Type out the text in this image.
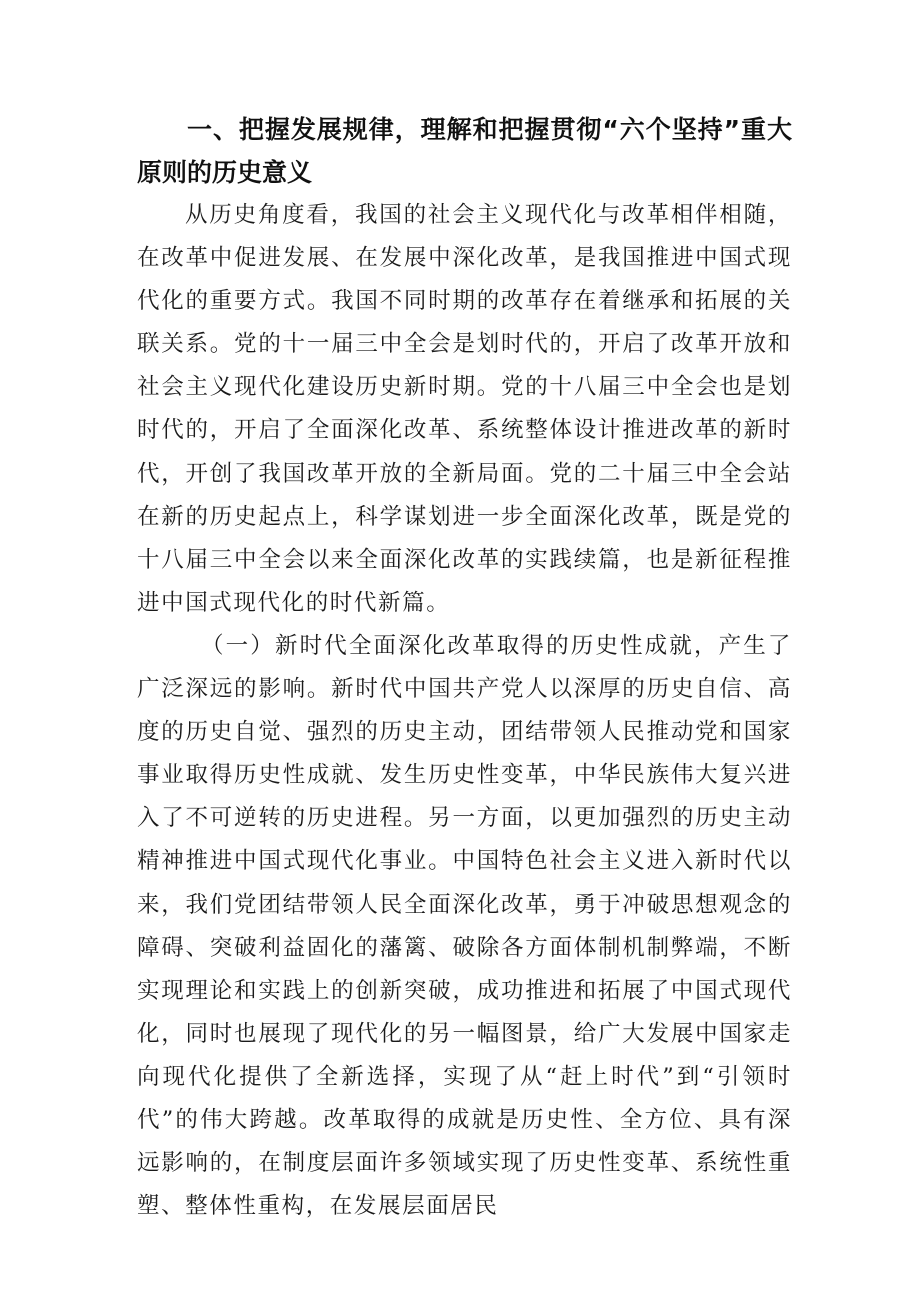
一、把握发展规律，理解和把握贯彻“六个坚持”重大原则的历史意义

从历史角度看，我国的社会主义现代化与改革相伴相随，在改革中促进发展、在发展中深化改革，是我国推进中国式现代化的重要方式。我国不同时期的改革存在着继承和拓展的关联关系。党的十一届三中全会是划时代的，开启了改革开放和社会主义现代化建设历史新时期。党的十八届三中全会也是划时代的，开启了全面深化改革、系统整体设计推进改革的新时代，开创了我国改革开放的全新局面。党的二十届三中全会站在新的历史起点上，科学谋划进一步全面深化改革，既是党的十八届三中全会以来全面深化改革的实践续篇，也是新征程推进中国式现代化的时代新篇。

（一）新时代全面深化改革取得的历史性成就，产生了广泛深远的影响。新时代中国共产党人以深厚的历史自信、高度的历史自觉、强烈的历史主动，团结带领人民推动党和国家事业取得历史性成就、发生历史性变革，中华民族伟大复兴进入了不可逆转的历史进程。另一方面，以更加强烈的历史主动精神推进中国式现代化事业。中国特色社会主义进入新时代以来，我们党团结带领人民全面深化改革，勇于冲破思想观念的障碍、突破利益固化的藩篱、破除各方面体制机制弊端，不断实现理论和实践上的创新突破，成功推进和拓展了中国式现代化，同时也展现了现代化的另一幅图景，给广大发展中国家走向现代化提供了全新选择，实现了从“赶上时代”到“引领时代”的伟大跨越。改革取得的成就是历史性、全方位、具有深远影响的，在制度层面许多领域实现了历史性变革、系统性重塑、整体性重构，在发展层面居民
